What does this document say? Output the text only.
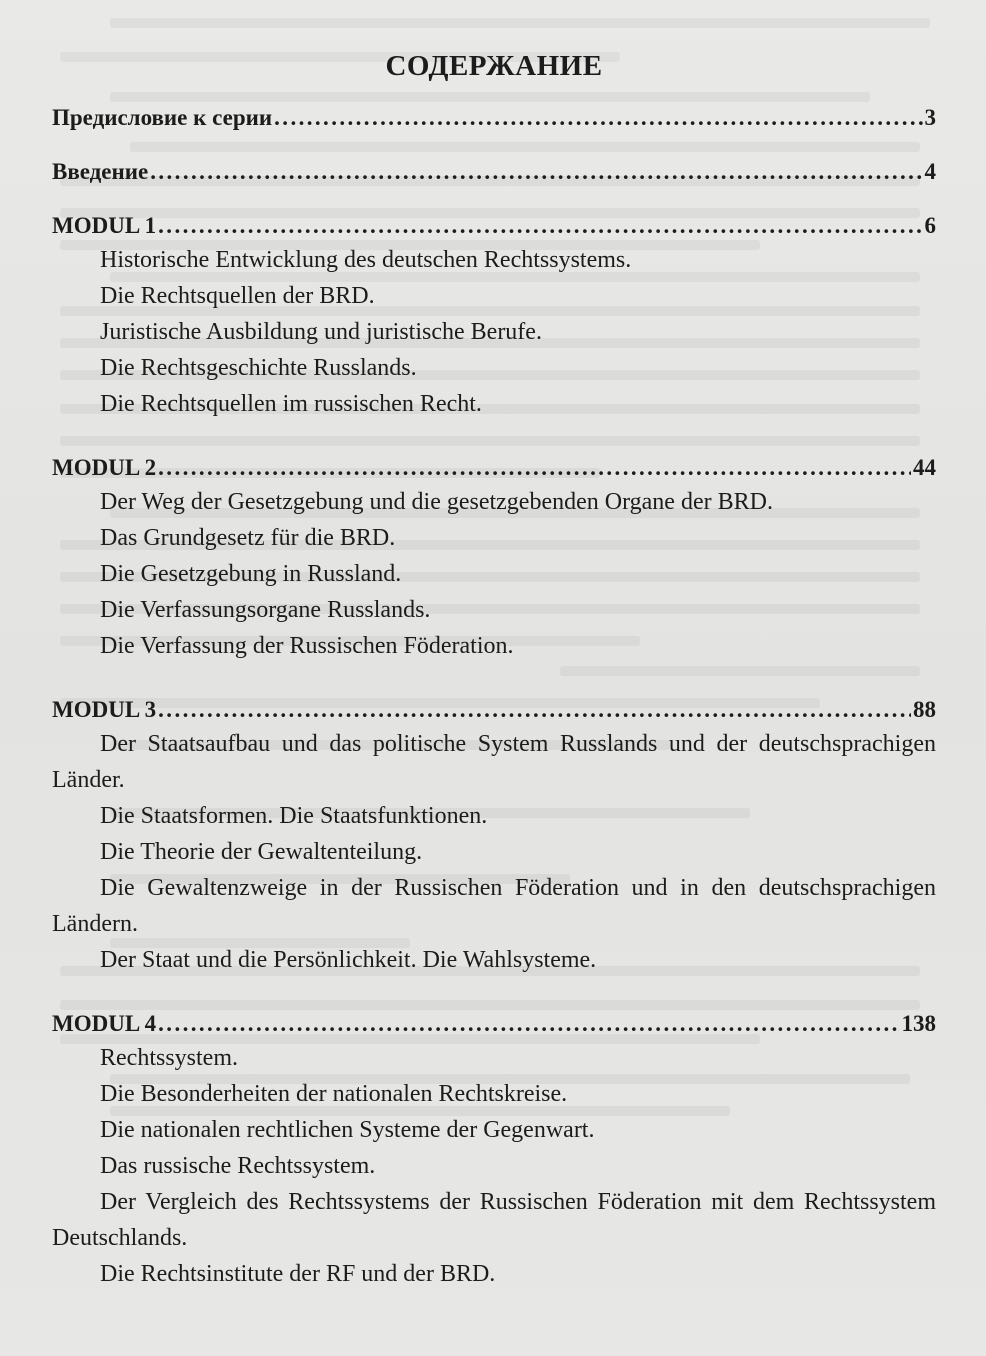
СОДЕРЖАНИЕ
Предисловие к серии .....	3
Введение .....	4
MODUL 1 .....	6
Historische Entwicklung des deutschen Rechtssystems.
Die Rechtsquellen der BRD.
Juristische Ausbildung und juristische Berufe.
Die Rechtsgeschichte Russlands.
Die Rechtsquellen im russischen Recht.
MODUL 2 .....	44
Der Weg der Gesetzgebung und die gesetzgebenden Organe der BRD.
Das Grundgesetz für die BRD.
Die Gesetzgebung in Russland.
Die Verfassungsorgane Russlands.
Die Verfassung der Russischen Föderation.
MODUL 3 .....	88
Der Staatsaufbau und das politische System Russlands und der deutschsprachigen Länder.
Die Staatsformen. Die Staatsfunktionen.
Die Theorie der Gewaltenteilung.
Die Gewaltenzweige in der Russischen Föderation und in den deutschsprachigen Ländern.
Der Staat und die Persönlichkeit. Die Wahlsysteme.
MODUL 4 .....	138
Rechtssystem.
Die Besonderheiten der nationalen Rechtskreise.
Die nationalen rechtlichen Systeme der Gegenwart.
Das russische Rechtssystem.
Der Vergleich des Rechtssystems der Russischen Föderation mit dem Rechtssystem Deutschlands.
Die Rechtsinstitute der RF und der BRD.
